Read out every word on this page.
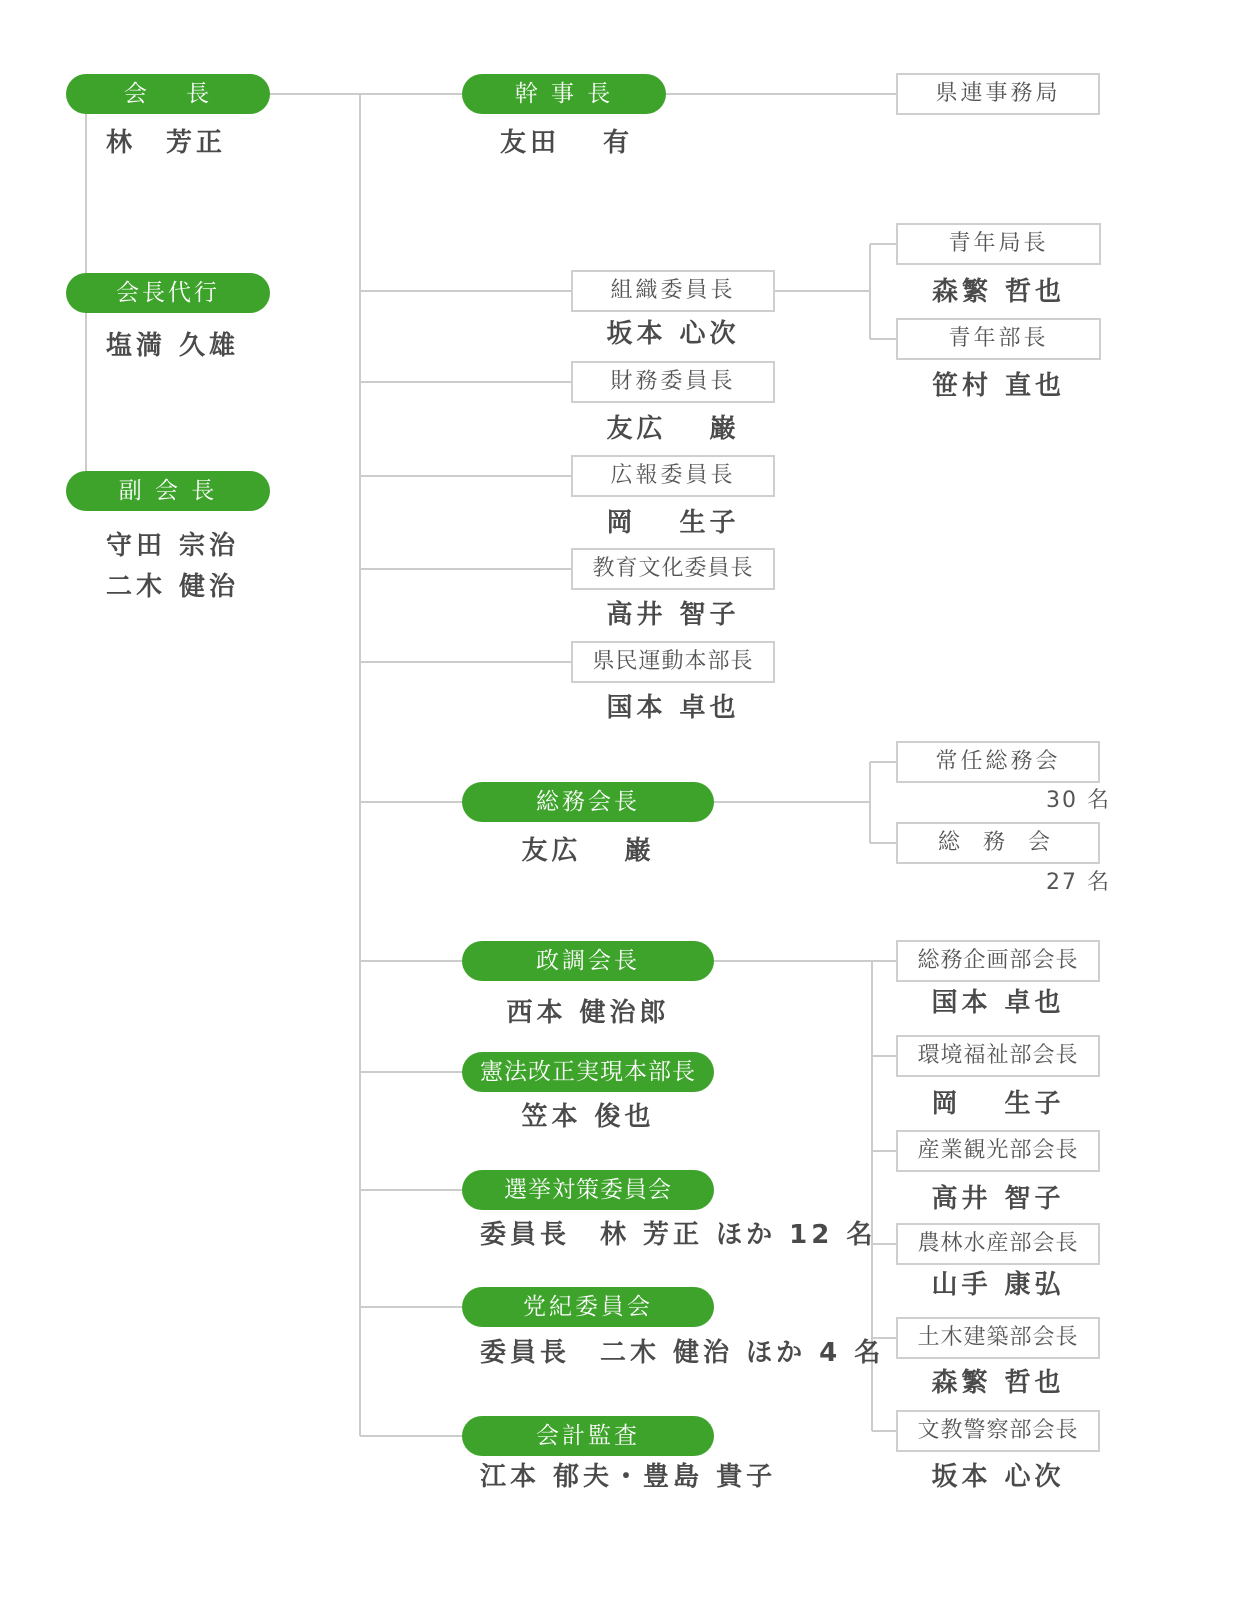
会　 長
林　芳正
会長代行
塩満 久雄
副 会 長
守田 宗治
二木 健治
幹 事 長
友田　 有
県連事務局
組織委員長
坂本 心次
財務委員長
友広　 巌
広報委員長
岡　 生子
教育文化委員長
高井 智子
県民運動本部長
国本 卓也
青年局長
森繁 哲也
青年部長
笹村 直也
総務会長
友広　 巌
常任総務会
30 名
総 務 会
27 名
政調会長
西本 健治郎
総務企画部会長
国本 卓也
環境福祉部会長
岡　 生子
産業観光部会長
高井 智子
農林水産部会長
山手 康弘
土木建築部会長
森繁 哲也
文教警察部会長
坂本 心次
憲法改正実現本部長
笠本 俊也
選挙対策委員会
委員長　林 芳正 ほか 12 名
党紀委員会
委員長　二木 健治 ほか 4 名
会計監査
江本 郁夫・豊島 貴子
